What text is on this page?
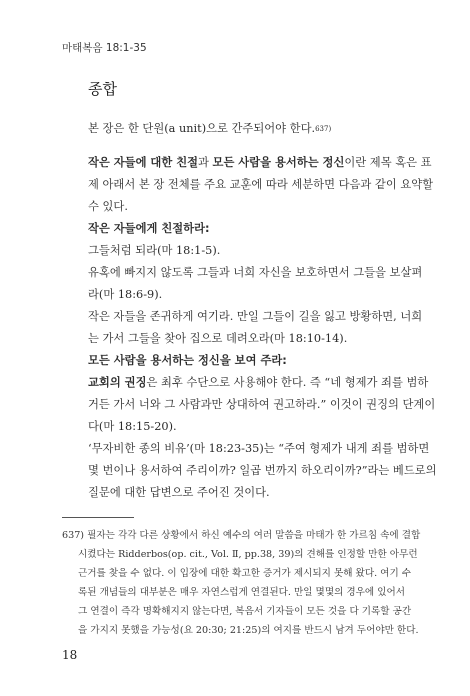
마태복음 18:1-35
종합
본 장은 한 단원(a unit)으로 간주되어야 한다.$^{637)}$
작은 자들에 대한 친절과 모든 사람을 용서하는 정신이란 제목 혹은 표
제 아래서 본 장 전체를 주요 교훈에 따라 세분하면 다음과 같이 요약할
수 있다.
작은 자들에게 친절하라:
그들처럼 되라(마 18:1-5).
유혹에 빠지지 않도록 그들과 너희 자신을 보호하면서 그들을 보살펴
라(마 18:6-9).
작은 자들을 존귀하게 여기라. 만일 그들이 길을 잃고 방황하면, 너희
는 가서 그들을 찾아 집으로 데려오라(마 18:10-14).
모든 사람을 용서하는 정신을 보여 주라:
교회의 권징은 최후 수단으로 사용해야 한다. 즉 “네 형제가 죄를 범하
거든 가서 너와 그 사람과만 상대하여 권고하라.” 이것이 권징의 단계이
다(마 18:15-20).
‘무자비한 종의 비유’(마 18:23-35)는 “주여 형제가 내게 죄를 범하면
몇 번이나 용서하여 주리이까? 일곱 번까지 하오리이까?”라는 베드로의
질문에 대한 답변으로 주어진 것이다.
637) 필자는 각각 다른 상황에서 하신 예수의 여러 말씀을 마태가 한 가르침 속에 결합
시켰다는 Ridderbos(op. cit., Vol. Ⅱ, pp.38, 39)의 견해를 인정할 만한 아무런
근거를 찾을 수 없다. 이 입장에 대한 확고한 증거가 제시되지 못해 왔다. 여기 수
록된 개념들의 대부분은 매우 자연스럽게 연결된다. 만일 몇몇의 경우에 있어서
그 연결이 즉각 명확해지지 않는다면, 복음서 기자들이 모든 것을 다 기록할 공간
을 가지지 못했을 가능성(요 20:30; 21:25)의 여지를 반드시 남겨 두어야만 한다.
18
